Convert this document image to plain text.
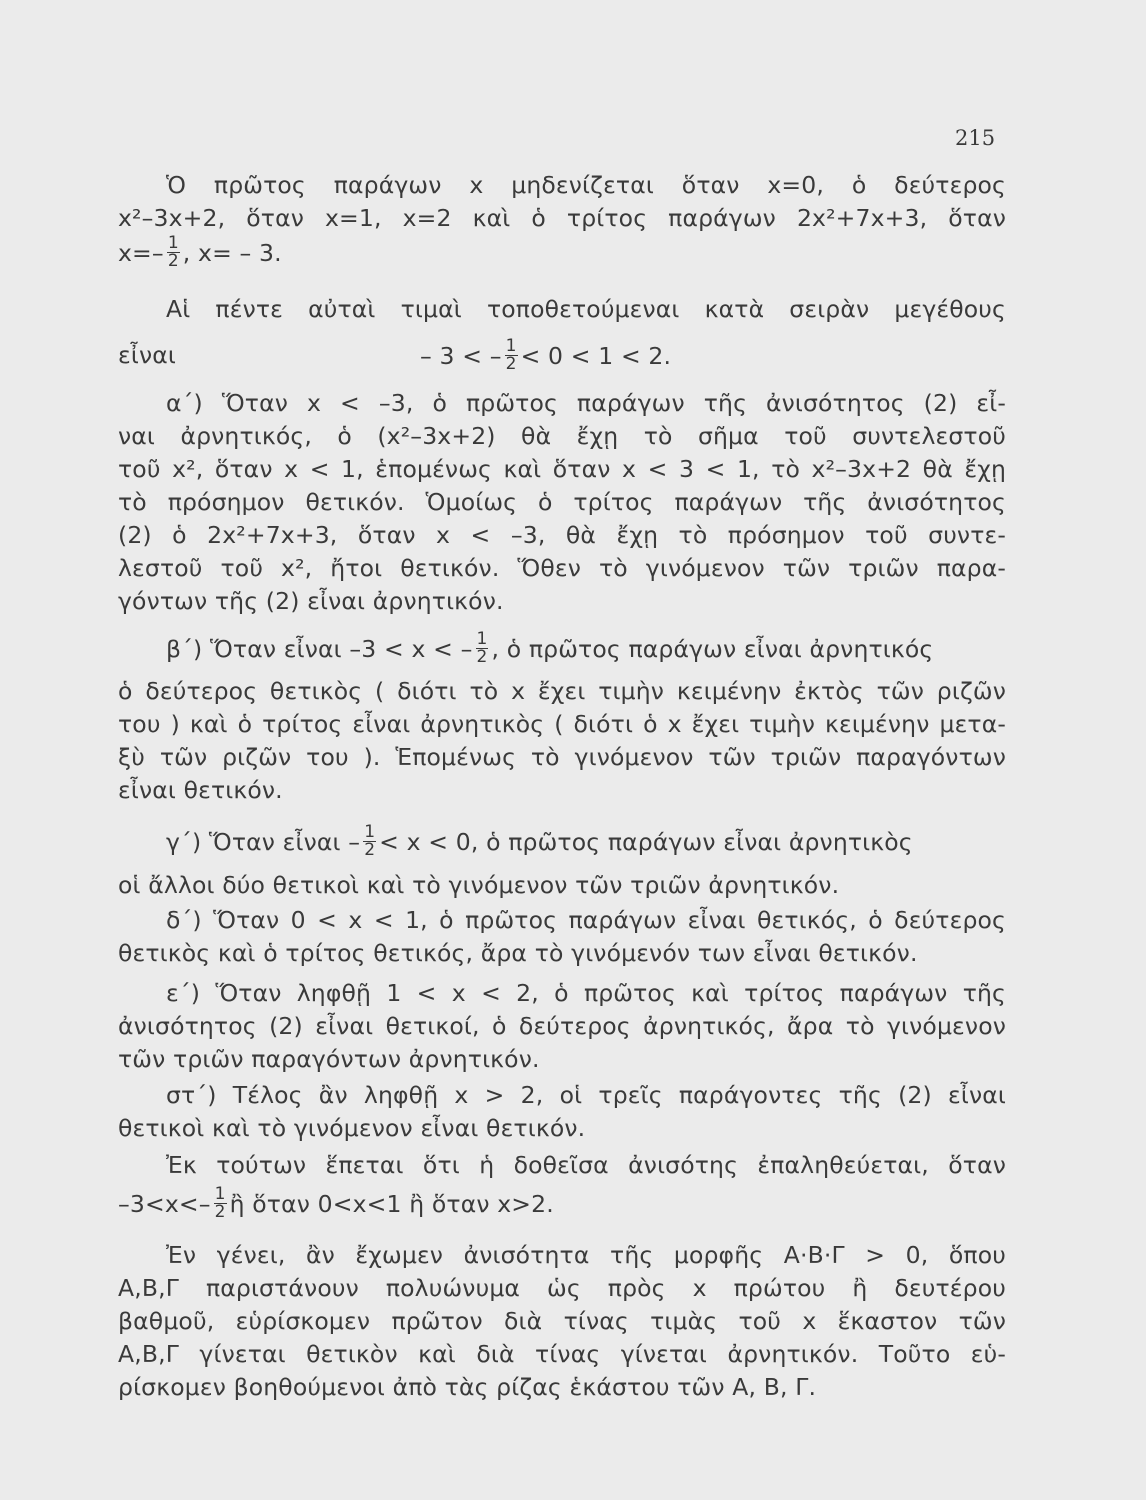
215
Ὁ πρῶτος παράγων x μηδενίζεται ὅταν x=0, ὁ δεύτερος
x²–3x+2, ὅταν x=1, x=2 καὶ ὁ τρίτος παράγων 2x²+7x+3, ὅταν
Αἱ πέντε αὐταὶ τιμαὶ τοποθετούμεναι κατὰ σειρὰν μεγέθους
α΄) Ὅταν x < –3, ὁ πρῶτος παράγων τῆς ἀνισότητος (2) εἶ-
ναι ἀρνητικός, ὁ (x²–3x+2) θὰ ἔχῃ τὸ σῆμα τοῦ συντελεστοῦ
τοῦ x², ὅταν x < 1, ἑπομένως καὶ ὅταν x < 3 < 1, τὸ x²–3x+2 θὰ ἔχῃ
τὸ πρόσημον θετικόν. Ὁμοίως ὁ τρίτος παράγων τῆς ἀνισότητος
(2) ὁ 2x²+7x+3, ὅταν x < –3, θὰ ἔχῃ τὸ πρόσημον τοῦ συντε-
λεστοῦ τοῦ x², ἤτοι θετικόν. Ὅθεν τὸ γινόμενον τῶν τριῶν παρα-
γόντων τῆς (2) εἶναι ἀρνητικόν.
ὁ δεύτερος θετικὸς ( διότι τὸ x ἔχει τιμὴν κειμένην ἐκτὸς τῶν ριζῶν
του ) καὶ ὁ τρίτος εἶναι ἀρνητικὸς ( διότι ὁ x ἔχει τιμὴν κειμένην μετα-
ξὺ τῶν ριζῶν του ). Ἑπομένως τὸ γινόμενον τῶν τριῶν παραγόντων
εἶναι θετικόν.
οἱ ἄλλοι δύο θετικοὶ καὶ τὸ γινόμενον τῶν τριῶν ἀρνητικόν.
δ΄) Ὅταν 0 < x < 1, ὁ πρῶτος παράγων εἶναι θετικός, ὁ δεύτερος
θετικὸς καὶ ὁ τρίτος θετικός, ἄρα τὸ γινόμενόν των εἶναι θετικόν.
ε΄) Ὅταν ληφθῇ 1 < x < 2, ὁ πρῶτος καὶ τρίτος παράγων τῆς
ἀνισότητος (2) εἶναι θετικοί, ὁ δεύτερος ἀρνητικός, ἄρα τὸ γινόμενον
τῶν τριῶν παραγόντων ἀρνητικόν.
στ΄) Τέλος ἂν ληφθῇ x > 2, οἱ τρεῖς παράγοντες τῆς (2) εἶναι
θετικοὶ καὶ τὸ γινόμενον εἶναι θετικόν.
Ἐκ τούτων ἕπεται ὅτι ἡ δοθεῖσα ἀνισότης ἐπαληθεύεται, ὅταν
Ἐν γένει, ἂν ἔχωμεν ἀνισότητα τῆς μορφῆς Α·Β·Γ > 0, ὅπου
Α,Β,Γ παριστάνουν πολυώνυμα ὡς πρὸς x πρώτου ἢ δευτέρου
βαθμοῦ, εὑρίσκομεν πρῶτον διὰ τίνας τιμὰς τοῦ x ἕκαστον τῶν
Α,Β,Γ γίνεται θετικὸν καὶ διὰ τίνας γίνεται ἀρνητικόν. Τοῦτο εὑ-
ρίσκομεν βοηθούμενοι ἀπὸ τὰς ρίζας ἑκάστου τῶν Α, Β, Γ.
$x=- \frac{1}{2}$ , x= – 3.
εἶναι	– 3 < – $\frac{1}{2} < 0 < 1 < 2$.
β΄) Ὅταν εἶναι –3 < x < – $\frac{1}{2}$ , ὁ πρῶτος παράγων εἶναι ἀρνητικός
γ΄) Ὅταν εἶναι – $\frac{1}{2} < x < 0$, ὁ πρῶτος παράγων εἶναι ἀρνητικὸς
$-3<x<- \frac{1}{2}$ ἢ ὅταν 0<x<1 ἢ ὅταν x>2.
